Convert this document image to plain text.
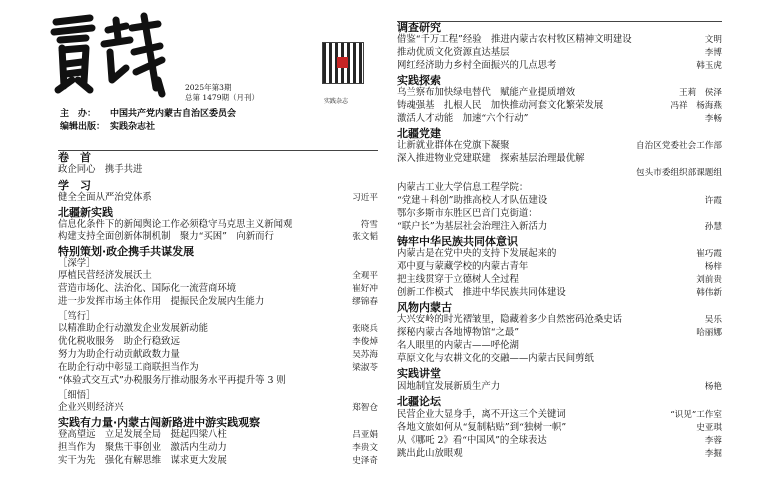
2025年第3期
总第 1479期（月刊）	实践杂志
主　办： 中国共产党内蒙古自治区委员会
编辑出版： 实践杂志社
卷　首
政企同心　携手共进
学　习
健全全面从严治党体系	习近平
北疆新实践
信息化条件下的新闻舆论工作必须稳守马克思主义新闻观	符雪
构建支持全面创新体制机制　聚力“买困”　向新而行	张文韬
特别策划·政企携手共谋发展
［深学］
厚植民营经济发展沃土	全观平
营造市场化、法治化、国际化一流营商环境	崔好冲
进一步发挥市场主体作用　提振民企发展内生能力	缪锦春
［笃行］
以精准助企行动激发企业发展新动能	张晓兵
优化税收服务　助企行稳致远	李俊焯
努力为助企行动贡献政数力量	吴苏海
在助企行动中彰显工商联担当作为	梁淑苓
“体验式交互式”办税服务厅推动服务水平再提升等 3 则
［细悟］
企业兴则经济兴	郑智仓
实践有力量·内蒙古闯新路进中游实践观察
登高望远　立足发展全局　挺起四梁八柱	吕亚娟
担当作为　聚焦干事创业　激活内生动力	李贵文
实干为先　强化有解思维　谋求更大发展	史泽奇
调查研究
借鉴“千万工程”经验　推进内蒙古农村牧区精神文明建设	文明
推动优质文化资源直达基层	李博
网红经济助力乡村全面振兴的几点思考	韩玉虎
实践探索
乌兰察布加快绿电替代　赋能产业提质增效	王莉　侯泽
铸魂强基　扎根人民　加快推动河套文化繁荣发展	冯祥　杨海燕
激活人才动能　加速“六个行动”	李畅
北疆党建
让新就业群体在党旗下凝聚	自治区党委社会工作部
深入推进物业党建联建　探索基层治理最优解
包头市委组织部课题组
内蒙古工业大学信息工程学院：
“党建＋科创”助推高校人才队伍建设	许霞
鄂尔多斯市东胜区巴音门克街道：
“联户长”为基层社会治理注入新活力	孙慧
铸牢中华民族共同体意识
内蒙古是在党中央的支持下发展起来的	崔巧霞
邓中夏与蒙藏学校的内蒙古青年	杨梓
把主线贯穿于立德树人全过程	刘前贵
创新工作模式　推进中华民族共同体建设	韩伟新
风物内蒙古
大兴安岭的时光褶皱里，隐藏着多少自然密码沧桑史话	吴乐
探秘内蒙古各地博物馆“之最”	哈丽娜
名人眼里的内蒙古——呼伦湖
草原文化与农耕文化的交融——内蒙古民间剪纸
实践讲堂
因地制宜发展新质生产力	杨艳
北疆论坛
民营企业大显身手，离不开这三个关键词	“识见”工作室
各地文旅如何从“复制粘贴”到“独树一帜”	史亚琪
从《哪吒 2》看“中国风”的全球表达	李蓉
跳出此山放眼观	李掘
